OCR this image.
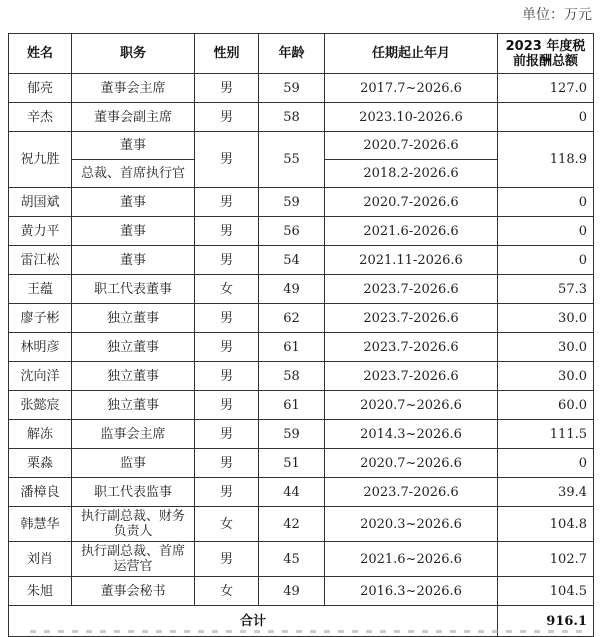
单位：万元
姓名	职务	性别	年龄	任期起止年月	2023 年度税前报酬总额
郁亮	董事会主席	男	59	2017.7~2026.6	127.0
辛杰	董事会副主席	男	58	2023.10-2026.6	0
祝九胜	董事	男	55	2020.7-2026.6	118.9
	总裁、首席执行官			2018.2-2026.6	
胡国斌	董事	男	59	2020.7-2026.6	0
黄力平	董事	男	56	2021.6-2026.6	0
雷江松	董事	男	54	2021.11-2026.6	0
王蕴	职工代表董事	女	49	2023.7-2026.6	57.3
廖子彬	独立董事	男	62	2023.7-2026.6	30.0
林明彦	独立董事	男	61	2023.7-2026.6	30.0
沈向洋	独立董事	男	58	2023.7-2026.6	30.0
张懿宸	独立董事	男	61	2020.7~2026.6	60.0
解冻	监事会主席	男	59	2014.3~2026.6	111.5
栗淼	监事	男	51	2020.7~2026.6	0
潘樟良	职工代表监事	男	44	2023.7-2026.6	39.4
韩慧华	执行副总裁、财务负责人	女	42	2020.3~2026.6	104.8
刘肖	执行副总裁、首席运营官	男	45	2021.6~2026.6	102.7
朱旭	董事会秘书	女	49	2016.3~2026.6	104.5
合计					916.1
